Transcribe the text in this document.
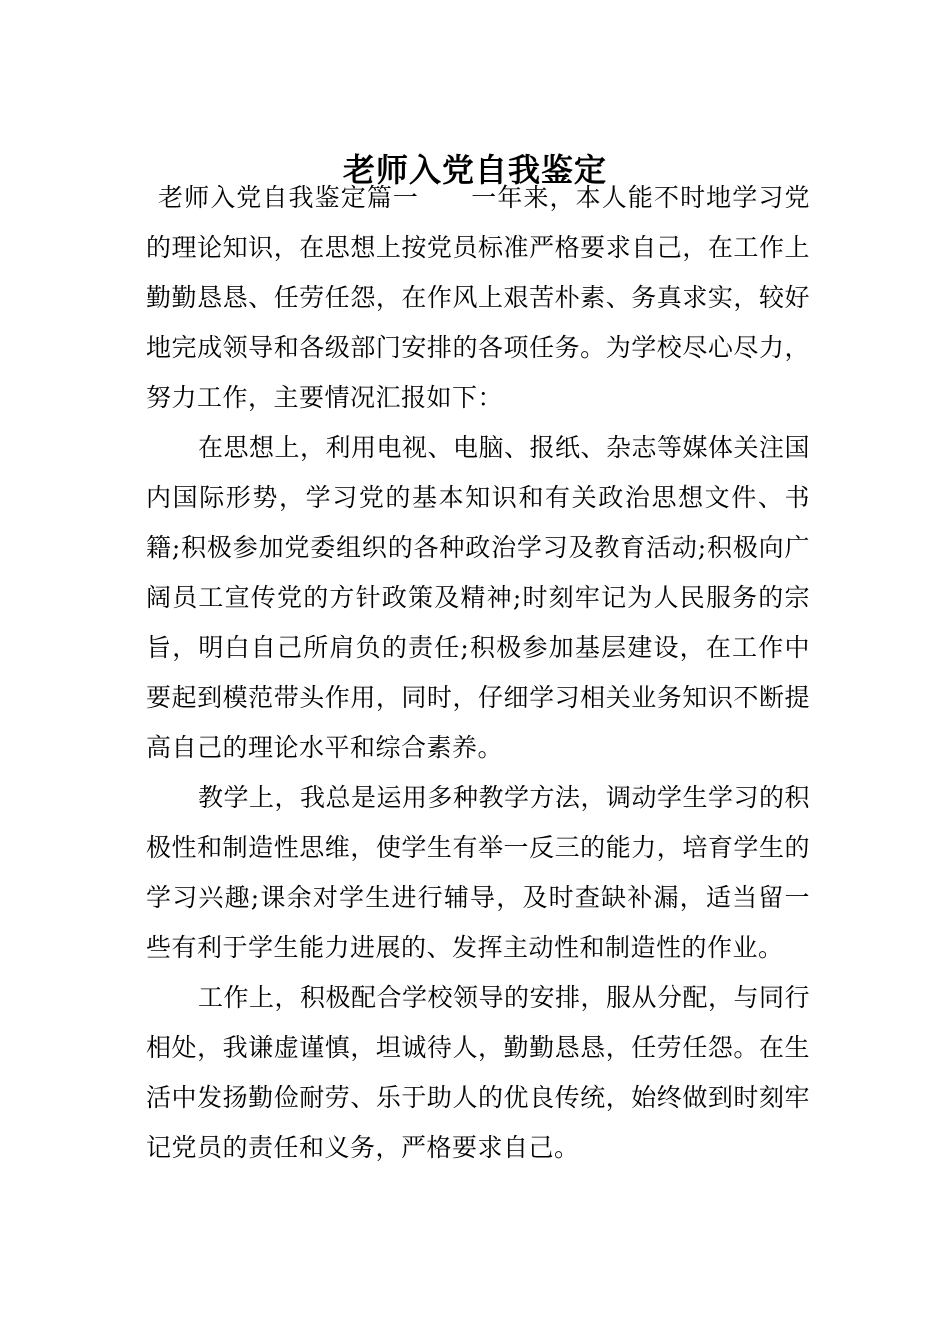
老师入党自我鉴定

老师入党自我鉴定篇一　　一年来，本人能不时地学习党的理论知识，在思想上按党员标准严格要求自己，在工作上勤勤恳恳、任劳任怨，在作风上艰苦朴素、务真求实，较好地完成领导和各级部门安排的各项任务。为学校尽心尽力，努力工作，主要情况汇报如下：

在思想上，利用电视、电脑、报纸、杂志等媒体关注国内国际形势，学习党的基本知识和有关政治思想文件、书籍;积极参加党委组织的各种政治学习及教育活动;积极向广阔员工宣传党的方针政策及精神;时刻牢记为人民服务的宗旨，明白自己所肩负的责任;积极参加基层建设，在工作中要起到模范带头作用，同时，仔细学习相关业务知识不断提高自己的理论水平和综合素养。

教学上，我总是运用多种教学方法，调动学生学习的积极性和制造性思维，使学生有举一反三的能力，培育学生的学习兴趣;课余对学生进行辅导，及时查缺补漏，适当留一些有利于学生能力进展的、发挥主动性和制造性的作业。

工作上，积极配合学校领导的安排，服从分配，与同行相处，我谦虚谨慎，坦诚待人，勤勤恳恳，任劳任怨。在生活中发扬勤俭耐劳、乐于助人的优良传统，始终做到时刻牢记党员的责任和义务，严格要求自己。
